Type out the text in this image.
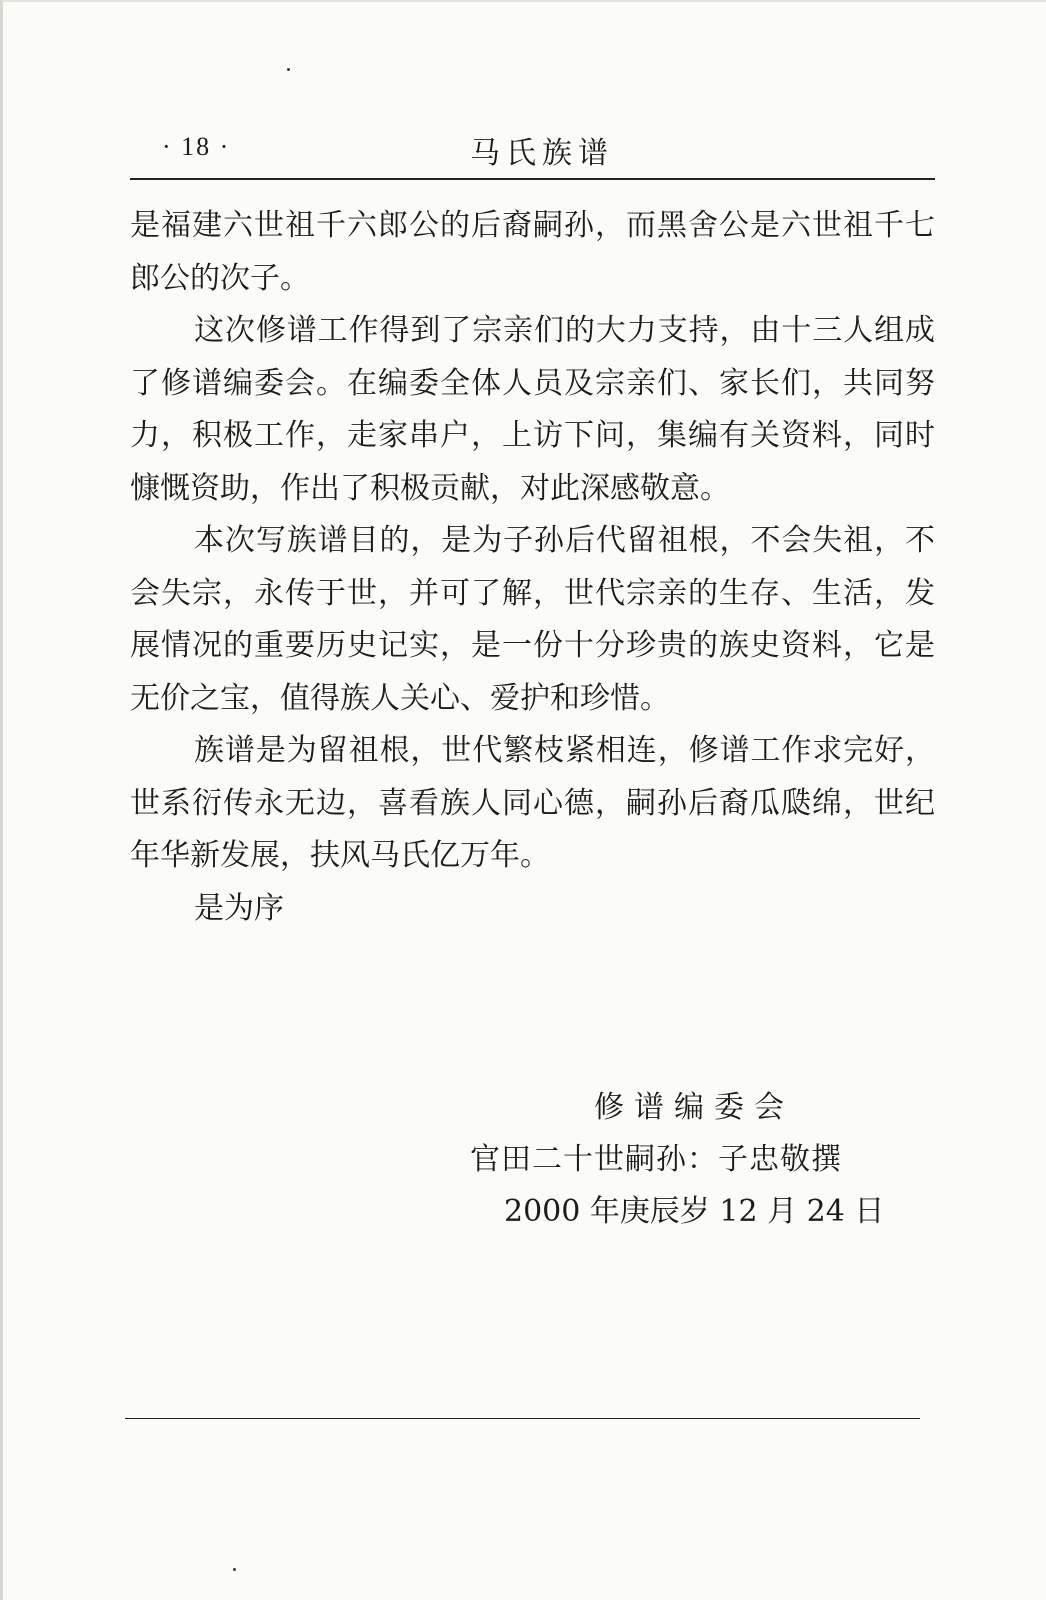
· 18 ·	马氏族谱

是福建六世祖千六郎公的后裔嗣孙，而黑舍公是六世祖千七郎公的次子。

这次修谱工作得到了宗亲们的大力支持，由十三人组成了修谱编委会。在编委全体人员及宗亲们、家长们，共同努力，积极工作，走家串户，上访下问，集编有关资料，同时慷慨资助，作出了积极贡献，对此深感敬意。

本次写族谱目的，是为子孙后代留祖根，不会失祖，不会失宗，永传于世，并可了解，世代宗亲的生存、生活，发展情况的重要历史记实，是一份十分珍贵的族史资料，它是无价之宝，值得族人关心、爱护和珍惜。

族谱是为留祖根，世代繁枝紧相连，修谱工作求完好，世系衍传永无边，喜看族人同心德，嗣孙后裔瓜瓞绵，世纪年华新发展，扶风马氏亿万年。

是为序

修谱编委会
官田二十世嗣孙：子忠敬撰
2000 年庚辰岁 12 月 24 日
